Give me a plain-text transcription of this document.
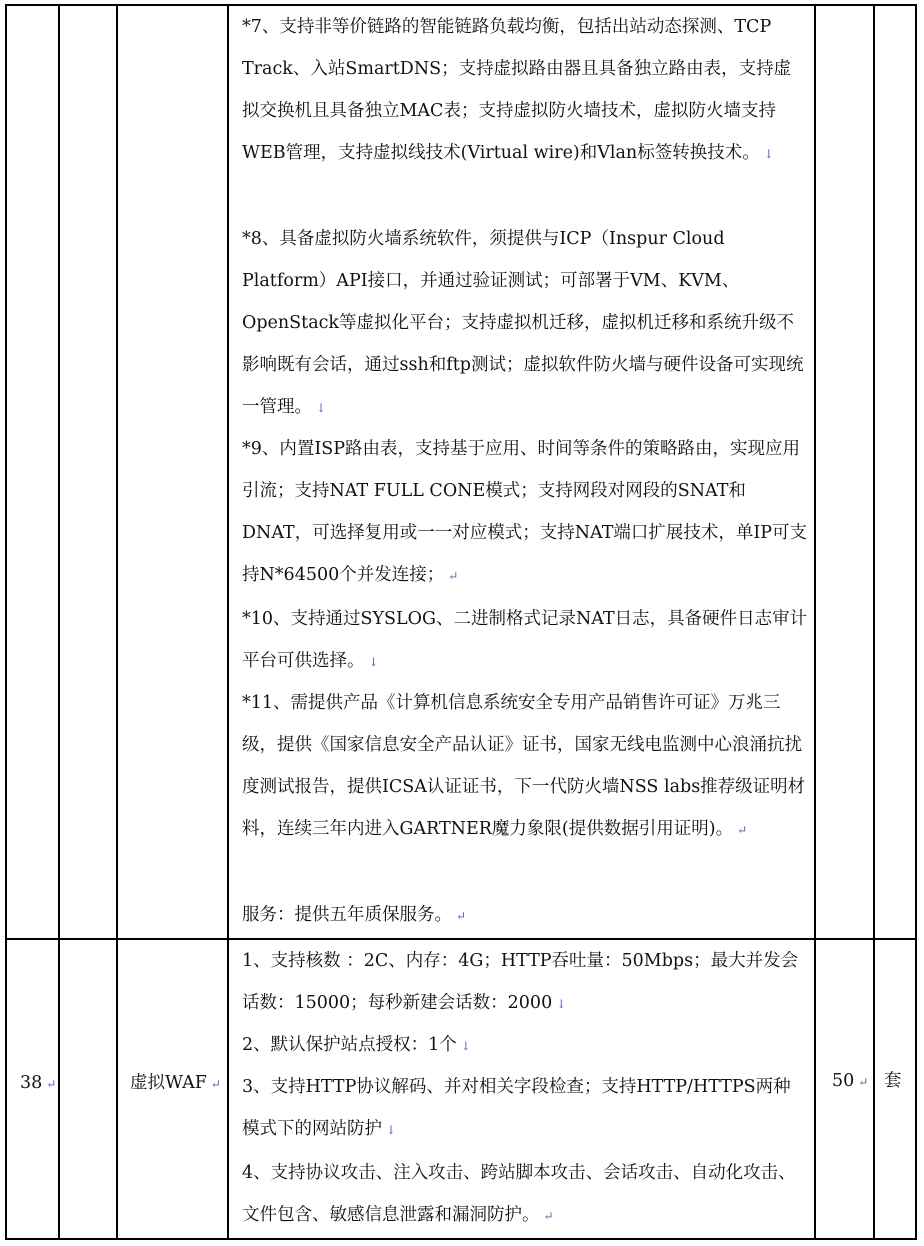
*7、支持非等价链路的智能链路负载均衡，包括出站动态探测、TCP Track、入站SmartDNS；支持虚拟路由器且具备独立路由表，支持虚拟交换机且具备独立MAC表；支持虚拟防火墙技术，虚拟防火墙支持WEB管理，支持虚拟线技术(Virtual wire)和Vlan标签转换技术。 ↓

*8、具备虚拟防火墙系统软件，须提供与ICP（Inspur Cloud Platform）API接口，并通过验证测试；可部署于VM、KVM、OpenStack等虚拟化平台；支持虚拟机迁移，虚拟机迁移和系统升级不影响既有会话，通过ssh和ftp测试；虚拟软件防火墙与硬件设备可实现统一管理。 ↓

*9、内置ISP路由表，支持基于应用、时间等条件的策略路由，实现应用引流；支持NAT FULL CONE模式；支持网段对网段的SNAT和DNAT，可选择复用或一一对应模式；支持NAT端口扩展技术，单IP可支持N*64500个并发连接； ↵

*10、支持通过SYSLOG、二进制格式记录NAT日志，具备硬件日志审计平台可供选择。 ↓

*11、需提供产品《计算机信息系统安全专用产品销售许可证》万兆三级，提供《国家信息安全产品认证》证书，国家无线电监测中心浪涌抗扰度测试报告，提供ICSA认证证书，下一代防火墙NSS labs推荐级证明材料，连续三年内进入GARTNER魔力象限(提供数据引用证明)。 ↵

服务：提供五年质保服务。 ↵

38 ↵	虚拟WAF ↵

1、支持核数 ：2C、内存：4G；HTTP吞吐量：50Mbps；最大并发会话数：15000；每秒新建会话数：2000 ↓

2、默认保护站点授权：1个 ↓

3、支持HTTP协议解码、并对相关字段检查；支持HTTP/HTTPS两种模式下的网站防护 ↓

4、支持协议攻击、注入攻击、跨站脚本攻击、会话攻击、自动化攻击、文件包含、敏感信息泄露和漏洞防护。 ↵

50 ↵ 套
